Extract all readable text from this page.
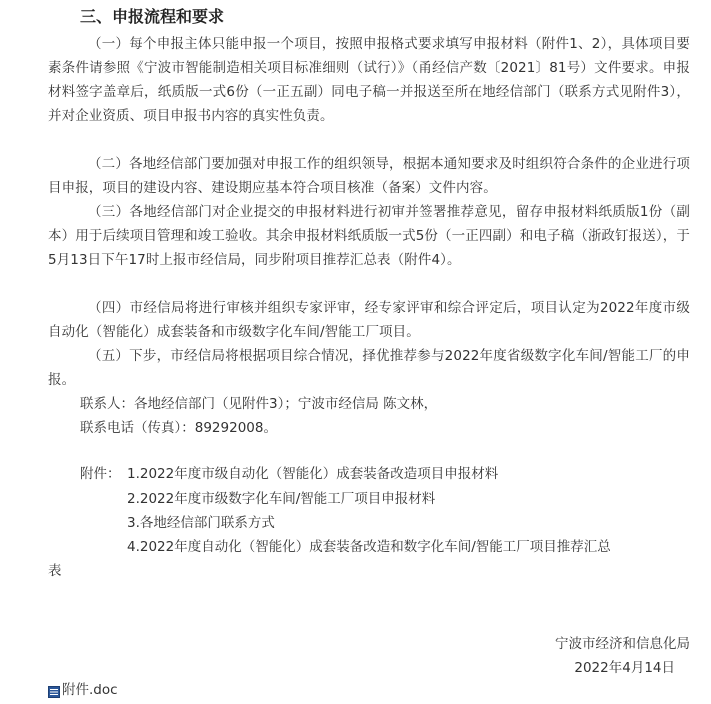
三、申报流程和要求
（一）每个申报主体只能申报一个项目，按照申报格式要求填写申报材料（附件1、2），具体项目要素条件请参照《宁波市智能制造相关项目标准细则（试行）》（甬经信产数〔2021〕81号）文件要求。申报材料签字盖章后，纸质版一式6份（一正五副）同电子稿一并报送至所在地经信部门（联系方式见附件3），并对企业资质、项目申报书内容的真实性负责。
（二）各地经信部门要加强对申报工作的组织领导，根据本通知要求及时组织符合条件的企业进行项目申报，项目的建设内容、建设期应基本符合项目核准（备案）文件内容。
（三）各地经信部门对企业提交的申报材料进行初审并签署推荐意见，留存申报材料纸质版1份（副本）用于后续项目管理和竣工验收。其余申报材料纸质版一式5份（一正四副）和电子稿（浙政钉报送），于5月13日下午17时上报市经信局，同步附项目推荐汇总表（附件4）。
（四）市经信局将进行审核并组织专家评审，经专家评审和综合评定后，项目认定为2022年度市级自动化（智能化）成套装备和市级数字化车间/智能工厂项目。
（五）下步，市经信局将根据项目综合情况，择优推荐参与2022年度省级数字化车间/智能工厂的申报。
联系人：各地经信部门（见附件3）；宁波市经信局 陈文林，
联系电话（传真）：89292008。
附件： 1.2022年度市级自动化（智能化）成套装备改造项目申报材料
2.2022年度市级数字化车间/智能工厂项目申报材料
3.各地经信部门联系方式
4.2022年度自动化（智能化）成套装备改造和数字化车间/智能工厂项目推荐汇总
表
宁波市经济和信息化局
2022年4月14日
附件.doc
